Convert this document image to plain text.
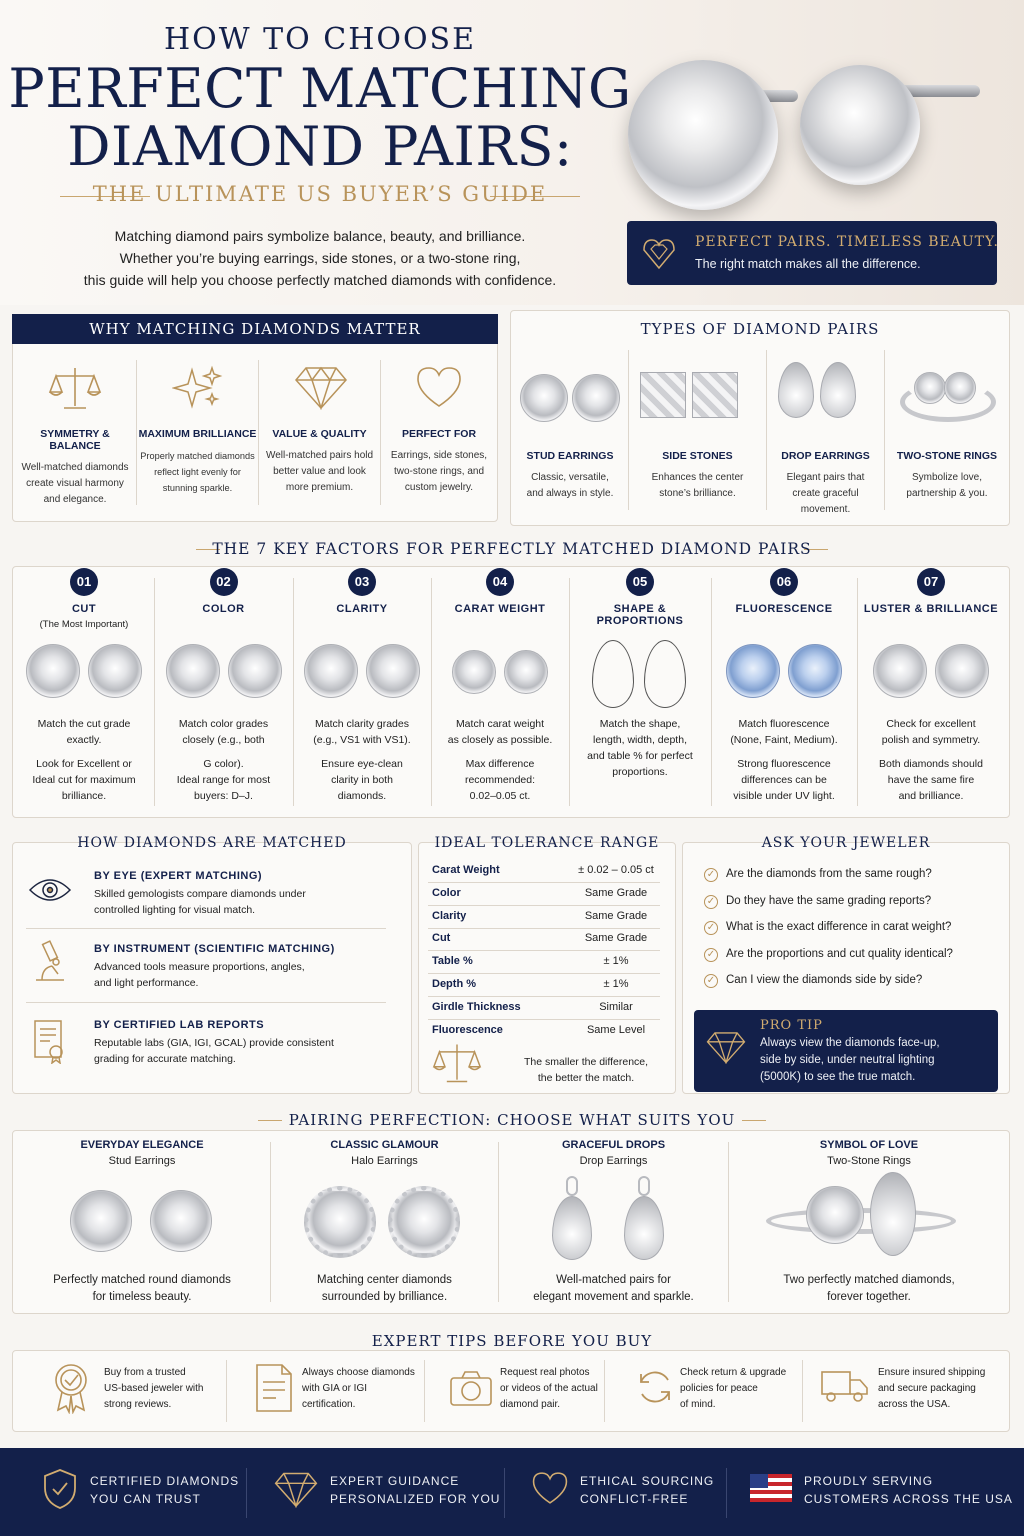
HOW TO CHOOSE
PERFECT MATCHING
DIAMOND PAIRS:
THE ULTIMATE US BUYER’S GUIDE
Matching diamond pairs symbolize balance, beauty, and brilliance.
Whether you’re buying earrings, side stones, or a two-stone ring,
this guide will help you choose perfectly matched diamonds with confidence.
PERFECT PAIRS. TIMELESS BEAUTY.
The right match makes all the difference.
WHY MATCHING DIAMONDS MATTER
SYMMETRY & BALANCE
Well-matched diamonds
create visual harmony
and elegance.
MAXIMUM BRILLIANCE
Properly matched diamonds
reflect light evenly for
stunning sparkle.
VALUE & QUALITY
Well-matched pairs hold
better value and look
more premium.
PERFECT FOR
Earrings, side stones,
two-stone rings, and
custom jewelry.
TYPES OF DIAMOND PAIRS
STUD EARRINGS
Classic, versatile,
and always in style.
SIDE STONES
Enhances the center
stone’s brilliance.
DROP EARRINGS
Elegant pairs that
create graceful movement.
TWO-STONE RINGS
Symbolize love,
partnership & you.
THE 7 KEY FACTORS FOR PERFECTLY MATCHED DIAMOND PAIRS
HOW DIAMONDS ARE MATCHED
BY EYE (EXPERT MATCHING)
Skilled gemologists compare diamonds under
controlled lighting for visual match.
BY INSTRUMENT (SCIENTIFIC MATCHING)
Advanced tools measure proportions, angles,
and light performance.
BY CERTIFIED LAB REPORTS
Reputable labs (GIA, IGI, GCAL) provide consistent
grading for accurate matching.
IDEAL TOLERANCE RANGE
The smaller the difference,
the better the match.
ASK YOUR JEWELER
PRO TIP
Always view the diamonds face-up,
side by side, under neutral lighting
(5000K) to see the true match.
PAIRING PERFECTION: CHOOSE WHAT SUITS YOU
EXPERT TIPS BEFORE YOU BUY
CERTIFIED DIAMONDS
YOU CAN TRUST
EXPERT GUIDANCE
PERSONALIZED FOR YOU
ETHICAL SOURCING
CONFLICT-FREE
PROUDLY SERVING
CUSTOMERS ACROSS THE USA
01
CUT
(The Most Important)
Match the cut grade
exactly.
Look for Excellent or
Ideal cut for maximum
brilliance.
02
COLOR
Match color grades
closely (e.g., both
G color).
Ideal range for most
buyers: D–J.
03
CLARITY
Match clarity grades
(e.g., VS1 with VS1).
Ensure eye-clean
clarity in both
diamonds.
04
CARAT WEIGHT
Match carat weight
as closely as possible.
Max difference
recommended:
0.02–0.05 ct.
05
SHAPE & PROPORTIONS
Match the shape,
length, width, depth,
and table % for perfect
proportions.
06
FLUORESCENCE
Match fluorescence
(None, Faint, Medium).
Strong fluorescence
differences can be
visible under UV light.
07
LUSTER & BRILLIANCE
Check for excellent
polish and symmetry.
Both diamonds should
have the same fire
and brilliance.
Carat Weight	± 0.02 – 0.05 ct
Color	Same Grade
Clarity	Same Grade
Cut	Same Grade
Table %	± 1%
Depth %	± 1%
Girdle Thickness	Similar
Fluorescence	Same Level
✓ Are the diamonds from the same rough?
✓ Do they have the same grading reports?
✓ What is the exact difference in carat weight?
✓ Are the proportions and cut quality identical?
✓ Can I view the diamonds side by side?
EVERYDAY ELEGANCE
Stud Earrings
Perfectly matched round diamonds
for timeless beauty.
CLASSIC GLAMOUR
Halo Earrings
Matching center diamonds
surrounded by brilliance.
GRACEFUL DROPS
Drop Earrings
Well-matched pairs for
elegant movement and sparkle.
SYMBOL OF LOVE
Two-Stone Rings
Two perfectly matched diamonds,
forever together.
Buy from a trusted
US-based jeweler with
strong reviews.
Always choose diamonds
with GIA or IGI
certification.
Request real photos
or videos of the actual
diamond pair.
Check return & upgrade
policies for peace
of mind.
Ensure insured shipping
and secure packaging
across the USA.
